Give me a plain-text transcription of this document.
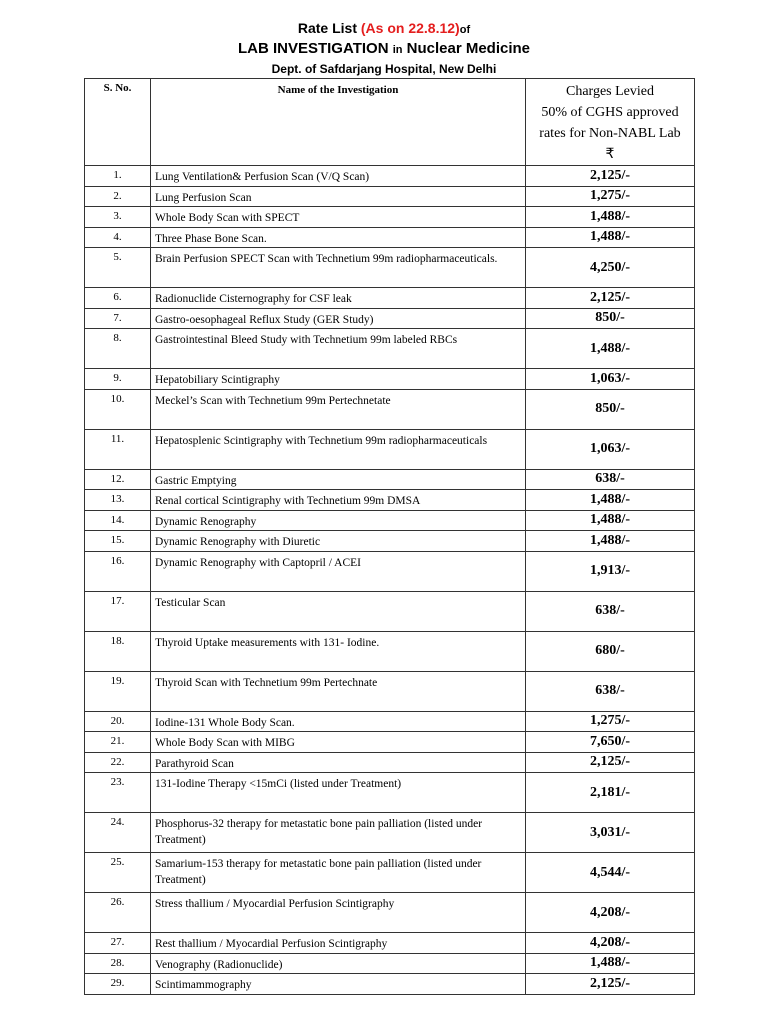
Rate List (As on 22.8.12)of
LAB INVESTIGATION in Nuclear Medicine
Dept. of Safdarjang Hospital, New Delhi
S. No.	Name of the Investigation	Charges Levied
50% of CGHS approved
rates for Non-NABL Lab
₹

1.	Lung Ventilation& Perfusion Scan (V/Q Scan)	2,125/-
2.	Lung Perfusion Scan	1,275/-
3.	Whole Body Scan with SPECT	1,488/-
4.	Three Phase Bone Scan.	1,488/-
5.	Brain Perfusion SPECT Scan with Technetium 99m radiopharmaceuticals.	4,250/-
6.	Radionuclide Cisternography for CSF leak	2,125/-
7.	Gastro-oesophageal Reflux Study (GER Study)	850/-
8.	Gastrointestinal Bleed Study with Technetium 99m labeled RBCs	1,488/-
9.	Hepatobiliary Scintigraphy	1,063/-
10.	Meckel’s Scan with Technetium 99m Pertechnetate	850/-
11.	Hepatosplenic Scintigraphy with Technetium 99m radiopharmaceuticals	1,063/-
12.	Gastric Emptying	638/-
13.	Renal cortical Scintigraphy with Technetium 99m DMSA	1,488/-
14.	Dynamic Renography	1,488/-
15.	Dynamic Renography with Diuretic	1,488/-
16.	Dynamic Renography with Captopril / ACEI	1,913/-
17.	Testicular Scan	638/-
18.	Thyroid Uptake measurements with 131- Iodine.	680/-
19.	Thyroid Scan with Technetium 99m Pertechnate	638/-
20.	Iodine-131 Whole Body Scan.	1,275/-
21.	Whole Body Scan with MIBG	7,650/-
22.	Parathyroid Scan	2,125/-
23.	131-Iodine Therapy <15mCi (listed under Treatment)	2,181/-
24.	Phosphorus-32 therapy for metastatic bone pain palliation (listed under Treatment)	3,031/-
25.	Samarium-153 therapy for metastatic bone pain palliation (listed under Treatment)	4,544/-
26.	Stress thallium / Myocardial Perfusion Scintigraphy	4,208/-
27.	Rest thallium / Myocardial Perfusion Scintigraphy	4,208/-
28.	Venography (Radionuclide)	1,488/-
29.	Scintimammography	2,125/-
